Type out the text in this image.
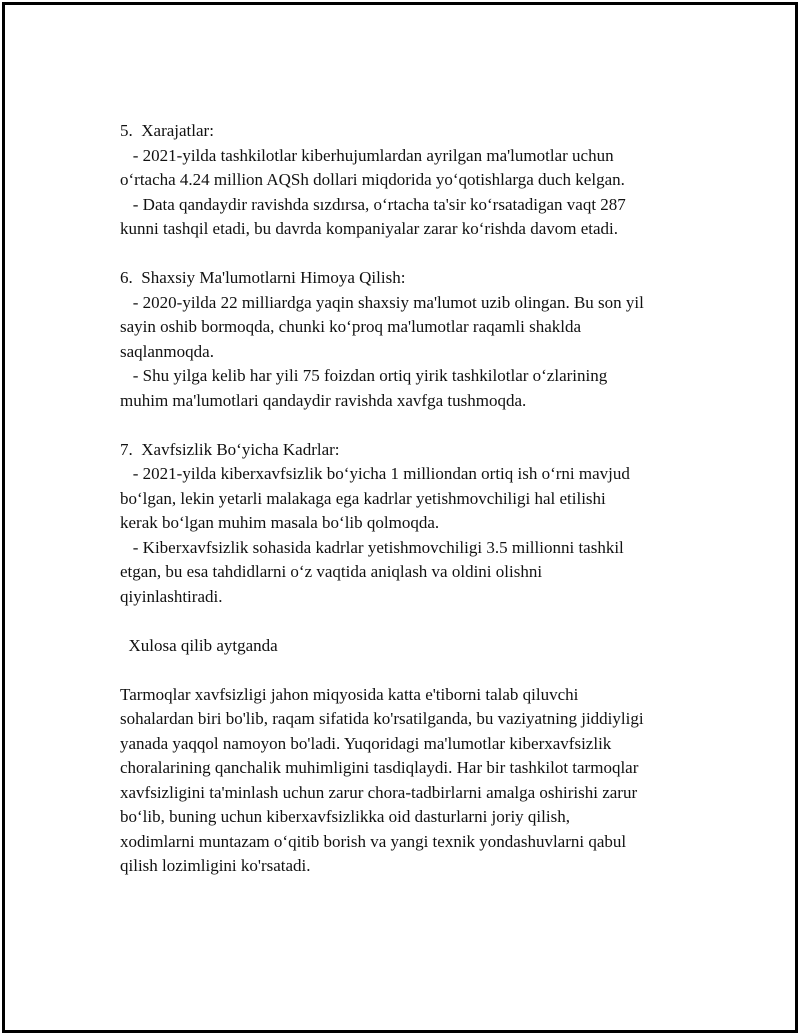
5.  Xarajatlar:
- 2021-yilda tashkilotlar kiberhujumlardan ayrilgan ma'lumotlar uchun
o‘rtacha 4.24 million AQSh dollari miqdorida yo‘qotishlarga duch kelgan.
- Data qandaydir ravishda sızdırsa, o‘rtacha ta'sir ko‘rsatadigan vaqt 287
kunni tashqil etadi, bu davrda kompaniyalar zarar ko‘rishda davom etadi.
6.  Shaxsiy Ma'lumotlarni Himoya Qilish:
- 2020-yilda 22 milliardga yaqin shaxsiy ma'lumot uzib olingan. Bu son yil
sayin oshib bormoqda, chunki ko‘proq ma'lumotlar raqamli shaklda
saqlanmoqda.
- Shu yilga kelib har yili 75 foizdan ortiq yirik tashkilotlar o‘zlarining
muhim ma'lumotlari qandaydir ravishda xavfga tushmoqda.
7.  Xavfsizlik Bo‘yicha Kadrlar:
- 2021-yilda kiberxavfsizlik bo‘yicha 1 milliondan ortiq ish o‘rni mavjud
bo‘lgan, lekin yetarli malakaga ega kadrlar yetishmovchiligi hal etilishi
kerak bo‘lgan muhim masala bo‘lib qolmoqda.
- Kiberxavfsizlik sohasida kadrlar yetishmovchiligi 3.5 millionni tashkil
etgan, bu esa tahdidlarni o‘z vaqtida aniqlash va oldini olishni
qiyinlashtiradi.
Xulosa qilib aytganda
Tarmoqlar xavfsizligi jahon miqyosida katta e'tiborni talab qiluvchi
sohalardan biri bo'lib, raqam sifatida ko'rsatilganda, bu vaziyatning jiddiyligi
yanada yaqqol namoyon bo'ladi. Yuqoridagi ma'lumotlar kiberxavfsizlik
choralarining qanchalik muhimligini tasdiqlaydi. Har bir tashkilot tarmoqlar
xavfsizligini ta'minlash uchun zarur chora-tadbirlarni amalga oshirishi zarur
bo‘lib, buning uchun kiberxavfsizlikka oid dasturlarni joriy qilish,
xodimlarni muntazam o‘qitib borish va yangi texnik yondashuvlarni qabul
qilish lozimligini ko'rsatadi.
